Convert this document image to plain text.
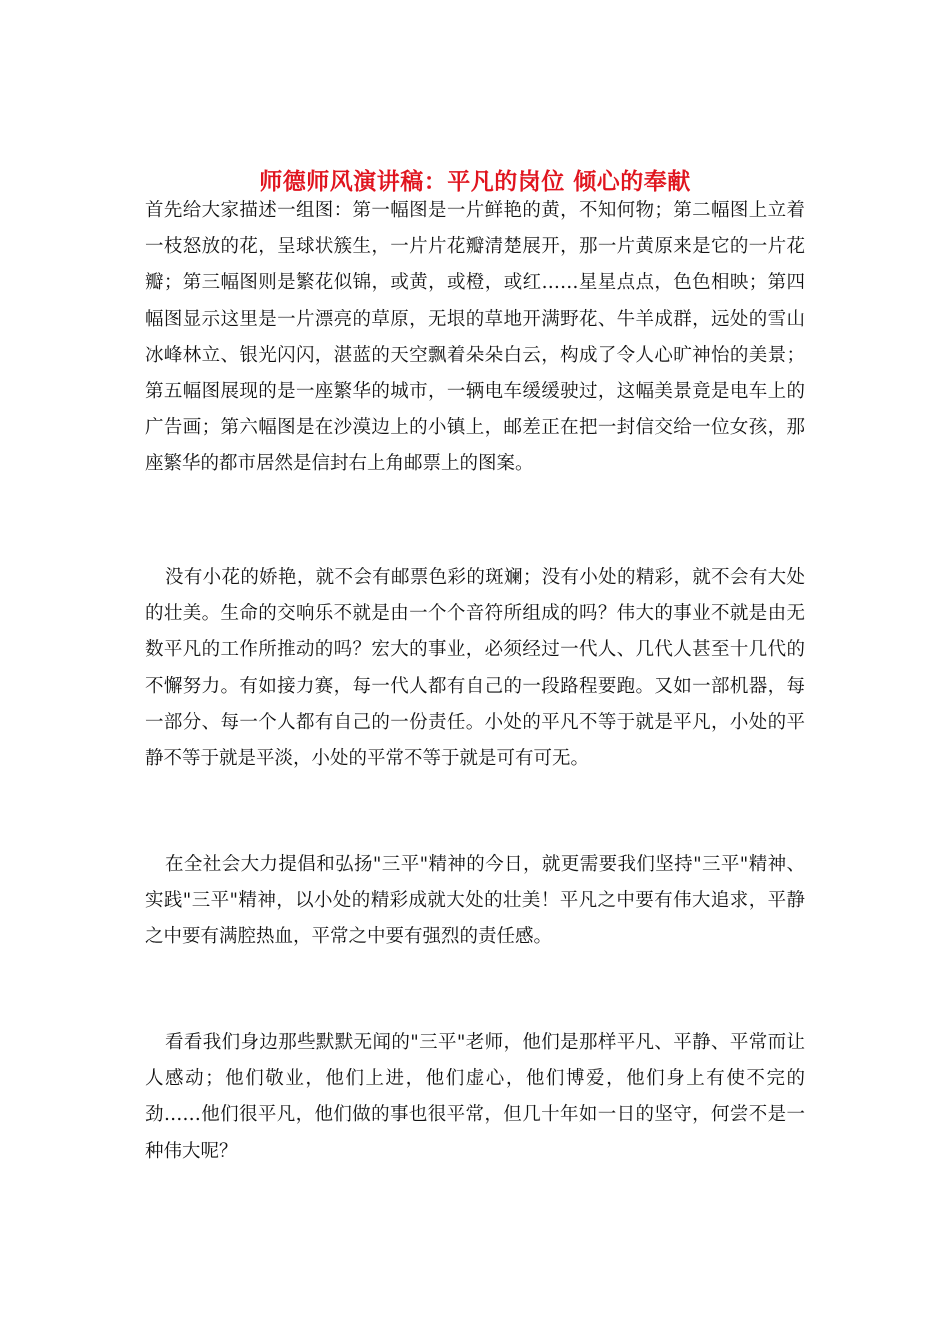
师德师风演讲稿：平凡的岗位 倾心的奉献

首先给大家描述一组图：第一幅图是一片鲜艳的黄，不知何物；第二幅图上立着一枝怒放的花，呈球状簇生，一片片花瓣清楚展开，那一片黄原来是它的一片花瓣；第三幅图则是繁花似锦，或黄，或橙，或红……星星点点，色色相映；第四幅图显示这里是一片漂亮的草原，无垠的草地开满野花、牛羊成群，远处的雪山冰峰林立、银光闪闪，湛蓝的天空飘着朵朵白云，构成了令人心旷神怡的美景；第五幅图展现的是一座繁华的城市，一辆电车缓缓驶过，这幅美景竟是电车上的广告画；第六幅图是在沙漠边上的小镇上，邮差正在把一封信交给一位女孩，那座繁华的都市居然是信封右上角邮票上的图案。

没有小花的娇艳，就不会有邮票色彩的斑斓；没有小处的精彩，就不会有大处的壮美。生命的交响乐不就是由一个个音符所组成的吗？伟大的事业不就是由无数平凡的工作所推动的吗？宏大的事业，必须经过一代人、几代人甚至十几代的不懈努力。有如接力赛，每一代人都有自己的一段路程要跑。又如一部机器，每一部分、每一个人都有自己的一份责任。小处的平凡不等于就是平凡，小处的平静不等于就是平淡，小处的平常不等于就是可有可无。

在全社会大力提倡和弘扬"三平"精神的今日，就更需要我们坚持"三平"精神、实践"三平"精神，以小处的精彩成就大处的壮美！平凡之中要有伟大追求，平静之中要有满腔热血，平常之中要有强烈的责任感。

看看我们身边那些默默无闻的"三平"老师，他们是那样平凡、平静、平常而让人感动；他们敬业，他们上进，他们虚心，他们博爱，他们身上有使不完的劲……他们很平凡，他们做的事也很平常，但几十年如一日的坚守，何尝不是一种伟大呢？
